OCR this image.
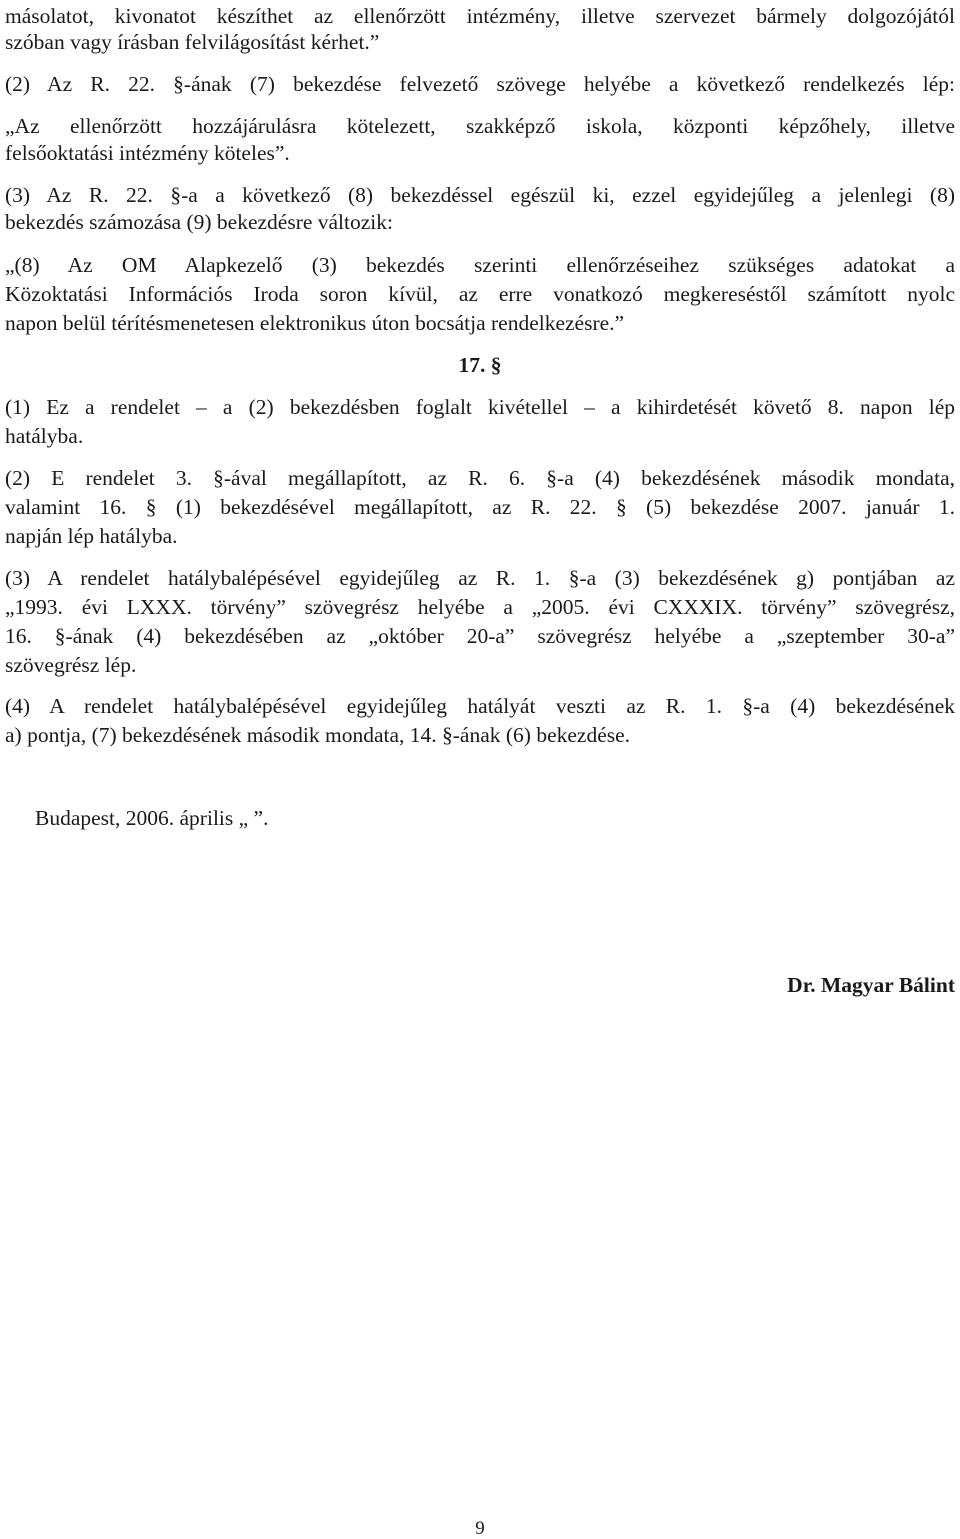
másolatot, kivonatot készíthet az ellenőrzött intézmény, illetve szervezet bármely dolgozójától
szóban vagy írásban felvilágosítást kérhet.”
(2) Az R. 22. §-ának (7) bekezdése felvezető szövege helyébe a következő rendelkezés lép:
„Az ellenőrzött hozzájárulásra kötelezett, szakképző iskola, központi képzőhely, illetve
felsőoktatási intézmény köteles”.
(3) Az R. 22. §-a a következő (8) bekezdéssel egészül ki, ezzel egyidejűleg a jelenlegi (8)
bekezdés számozása (9) bekezdésre változik:
„(8) Az OM Alapkezelő (3) bekezdés szerinti ellenőrzéseihez szükséges adatokat a
Közoktatási Információs Iroda soron kívül, az erre vonatkozó megkereséstől számított nyolc
napon belül térítésmenetesen elektronikus úton bocsátja rendelkezésre.”
17. §
(1) Ez a rendelet – a (2) bekezdésben foglalt kivétellel – a kihirdetését követő 8. napon lép
hatályba.
(2) E rendelet 3. §-ával megállapított, az R. 6. §-a (4) bekezdésének második mondata,
valamint 16. § (1) bekezdésével megállapított, az R. 22. § (5) bekezdése 2007. január 1.
napján lép hatályba.
(3) A rendelet hatálybalépésével egyidejűleg az R. 1. §-a (3) bekezdésének g) pontjában az
„1993. évi LXXX. törvény” szövegrész helyébe a „2005. évi CXXXIX. törvény” szövegrész,
16. §-ának (4) bekezdésében az „október 20-a” szövegrész helyébe a „szeptember 30-a”
szövegrész lép.
(4) A rendelet hatálybalépésével egyidejűleg hatályát veszti az R. 1. §-a (4) bekezdésének
a) pontja, (7) bekezdésének második mondata, 14. §-ának (6) bekezdése.
Budapest, 2006. április „ ”.
Dr. Magyar Bálint
9
